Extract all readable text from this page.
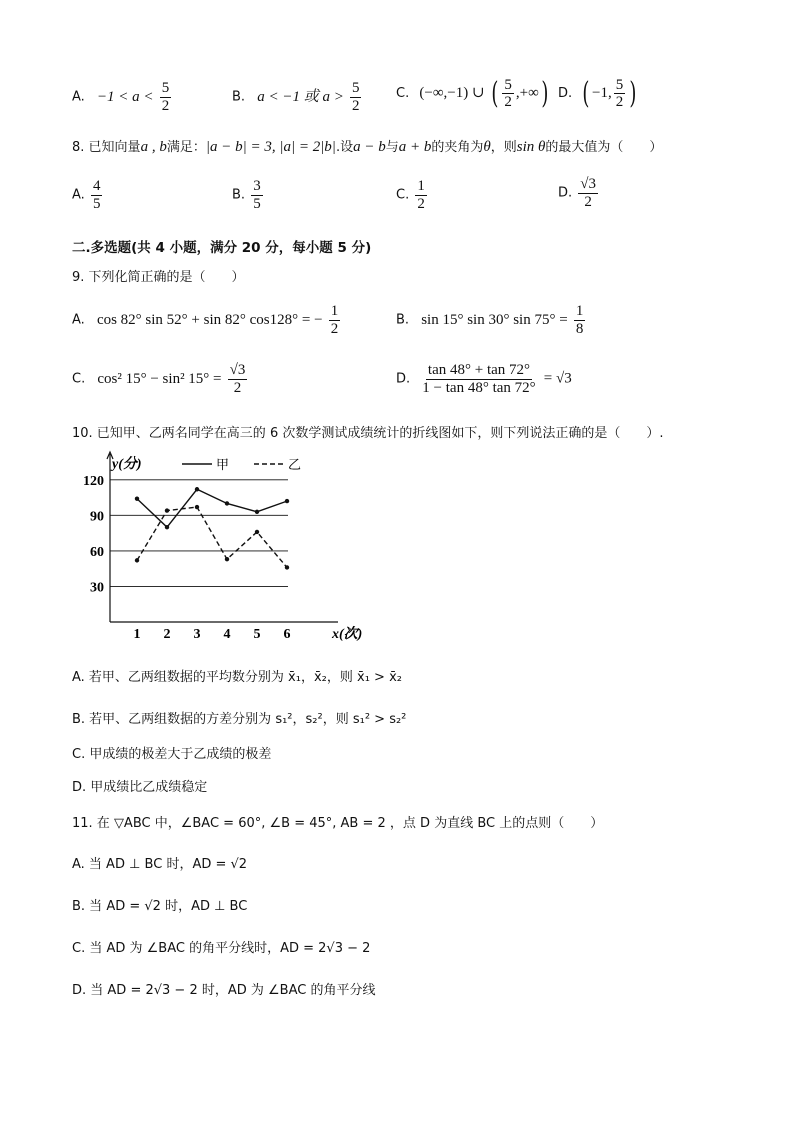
A. $-1 < a < \frac{5}{2}$	B. a < −1 或 $a > \frac{5}{2}$	C. (−∞,−1) ∪ ( $\frac{5}{2}$ ,+∞) D. ( −1, $\frac{5}{2}$ )
8. 已知向量a , b满足：|a − b| = 3, |a| = 2|b|.设a − b与a + b的夹角为θ，则sin θ的最大值为（　　）
A. $\frac{4}{5}$	B. $\frac{3}{5}$	C. $\frac{1}{2}$	D. $\frac{√3}{2}$
二.多选题(共 4 小题，满分 20 分，每小题 5 分)
9. 下列化简正确的是（　　）
A. cos 82° sin 52° + sin 82° cos128° = − $\frac{1}{2}$	B. sin 15° sin 30° $\sin 75^\circ = \frac{1}{8}$
C. cos² 15° − sin² $15^\circ = \frac{√3}{2}$	D. $\frac{\tan 48^\circ + \tan 72^\circ}{1 - \tan 48^\circ \tan 72^\circ} = √3$
10. 已知甲、乙两名同学在高三的 6 次数学测试成绩统计的折线图如下，则下列说法正确的是（　　）.
30
60
90
120
1 2 3 4 5 6
y(分)
x(次)
甲	乙
A. 若甲、乙两组数据的平均数分别为 x̄₁，x̄₂，则 x̄₁ > x̄₂
B. 若甲、乙两组数据的方差分别为 s₁²，s₂²，则 s₁² > s₂²
C. 甲成绩的极差大于乙成绩的极差
D. 甲成绩比乙成绩稳定
11. 在 ▽ABC 中，∠BAC = 60°, ∠B = 45°, AB = 2 ，点 D 为直线 BC 上的点则（　　）
A. 当 AD ⊥ BC 时，AD = √2
B. 当 AD = √2 时，AD ⊥ BC
C. 当 AD 为 ∠BAC 的角平分线时，AD = 2√3 − 2
D. 当 AD = 2√3 − 2 时，AD 为 ∠BAC 的角平分线
